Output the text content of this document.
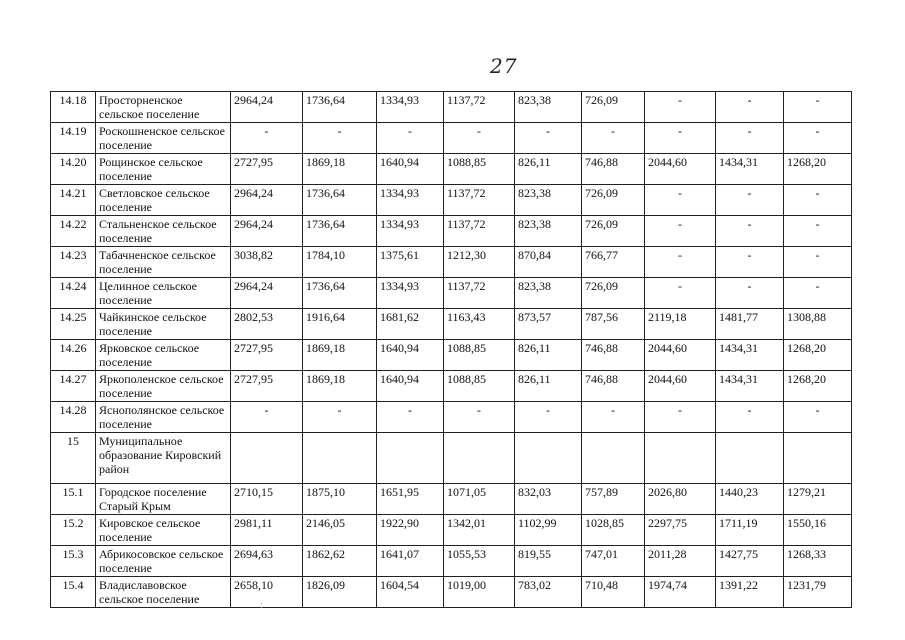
27
14.18	Просторненское сельское поселение	2964,24	1736,64	1334,93	1137,72	823,38	726,09	-	-	-
14.19	Роскошненское сельское поселение	-	-	-	-	-	-	-	-	-
14.20	Рощинское сельское поселение	2727,95	1869,18	1640,94	1088,85	826,11	746,88	2044,60	1434,31	1268,20
14.21	Светловское сельское поселение	2964,24	1736,64	1334,93	1137,72	823,38	726,09	-	-	-
14.22	Стальненское сельское поселение	2964,24	1736,64	1334,93	1137,72	823,38	726,09	-	-	-
14.23	Табачненское сельское поселение	3038,82	1784,10	1375,61	1212,30	870,84	766,77	-	-	-
14.24	Целинное сельское поселение	2964,24	1736,64	1334,93	1137,72	823,38	726,09	-	-	-
14.25	Чайкинское сельское поселение	2802,53	1916,64	1681,62	1163,43	873,57	787,56	2119,18	1481,77	1308,88
14.26	Ярковское сельское поселение	2727,95	1869,18	1640,94	1088,85	826,11	746,88	2044,60	1434,31	1268,20
14.27	Яркополенское сельское поселение	2727,95	1869,18	1640,94	1088,85	826,11	746,88	2044,60	1434,31	1268,20
14.28	Яснополянское сельское поселение	-	-	-	-	-	-	-	-	-
15	Муниципальное образование Кировский район									
15.1	Городское поселение Старый Крым	2710,15	1875,10	1651,95	1071,05	832,03	757,89	2026,80	1440,23	1279,21
15.2	Кировское сельское поселение	2981,11	2146,05	1922,90	1342,01	1102,99	1028,85	2297,75	1711,19	1550,16
15.3	Абрикосовское сельское поселение	2694,63	1862,62	1641,07	1055,53	819,55	747,01	2011,28	1427,75	1268,33
15.4	Владиславовское сельское поселение	2658,10	1826,09	1604,54	1019,00	783,02	710,48	1974,74	1391,22	1231,79
:
